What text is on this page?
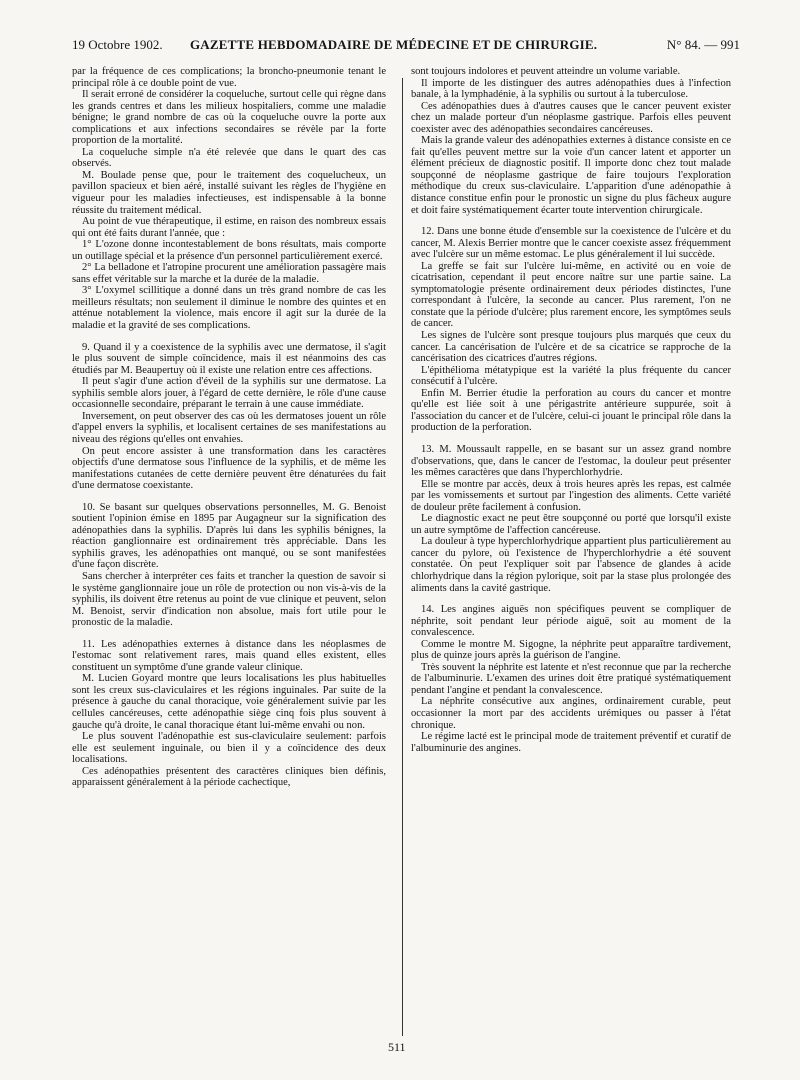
19 Octobre 1902. GAZETTE HEBDOMADAIRE DE MÉDECINE ET DE CHIRURGIE.	N° 84. — 991

par la fréquence de ces complications; la broncho-pneumonie tenant le principal rôle à ce double point de vue.

Il serait erroné de considérer la coqueluche, surtout celle qui règne dans les grands centres et dans les milieux hospitaliers, comme une maladie bénigne; le grand nombre de cas où la coqueluche ouvre la porte aux complications et aux infections secondaires se révèle par la forte proportion de la mortalité.

La coqueluche simple n'a été relevée que dans le quart des cas observés.

M. Boulade pense que, pour le traitement des coquelucheux, un pavillon spacieux et bien aéré, installé suivant les règles de l'hygiène en vigueur pour les maladies infectieuses, est indispensable à la bonne réussite du traitement médical.

Au point de vue thérapeutique, il estime, en raison des nombreux essais qui ont été faits durant l'année, que :

1° L'ozone donne incontestablement de bons résultats, mais comporte un outillage spécial et la présence d'un personnel particulièrement exercé.

2° La belladone et l'atropine procurent une amélioration passagère mais sans effet véritable sur la marche et la durée de la maladie.

3° L'oxymel scillitique a donné dans un très grand nombre de cas les meilleurs résultats; non seulement il diminue le nombre des quintes et en atténue notablement la violence, mais encore il agit sur la durée de la maladie et la gravité de ses complications.

9. Quand il y a coexistence de la syphilis avec une dermatose, il s'agit le plus souvent de simple coïncidence, mais il est néanmoins des cas étudiés par M. Beaupertuy où il existe une relation entre ces affections.

Il peut s'agir d'une action d'éveil de la syphilis sur une dermatose. La syphilis semble alors jouer, à l'égard de cette dernière, le rôle d'une cause occasionnelle secondaire, préparant le terrain à une cause immédiate.

Inversement, on peut observer des cas où les dermatoses jouent un rôle d'appel envers la syphilis, et localisent certaines de ses manifestations au niveau des régions qu'elles ont envahies.

On peut encore assister à une transformation dans les caractères objectifs d'une dermatose sous l'influence de la syphilis, et de même les manifestations cutanées de cette dernière peuvent être dénaturées du fait d'une dermatose coexistante.

10. Se basant sur quelques observations personnelles, M. G. Benoist soutient l'opinion émise en 1895 par Augagneur sur la signification des adénopathies dans la syphilis. D'après lui dans les syphilis bénignes, la réaction ganglionnaire est ordinairement très appréciable. Dans les syphilis graves, les adénopathies ont manqué, ou se sont manifestées d'une façon discrète.

Sans chercher à interpréter ces faits et trancher la question de savoir si le système ganglionnaire joue un rôle de protection ou non vis-à-vis de la syphilis, ils doivent être retenus au point de vue clinique et peuvent, selon M. Benoist, servir d'indication non absolue, mais fort utile pour le pronostic de la maladie.

11. Les adénopathies externes à distance dans les néoplasmes de l'estomac sont relativement rares, mais quand elles existent, elles constituent un symptôme d'une grande valeur clinique.

M. Lucien Goyard montre que leurs localisations les plus habituelles sont les creux sus-claviculaires et les régions inguinales. Par suite de la présence à gauche du canal thoracique, voie généralement suivie par les cellules cancéreuses, cette adénopathie siège cinq fois plus souvent à gauche qu'à droite, le canal thoracique étant lui-même envahi ou non.

Le plus souvent l'adénopathie est sus-claviculaire seulement: parfois elle est seulement inguinale, ou bien il y a coïncidence des deux localisations.

Ces adénopathies présentent des caractères cliniques bien définis, apparaissent généralement à la période cachectique,

sont toujours indolores et peuvent atteindre un volume variable.

Il importe de les distinguer des autres adénopathies dues à l'infection banale, à la lymphadénie, à la syphilis ou surtout à la tuberculose.

Ces adénopathies dues à d'autres causes que le cancer peuvent exister chez un malade porteur d'un néoplasme gastrique. Parfois elles peuvent coexister avec des adénopathies secondaires cancéreuses.

Mais la grande valeur des adénopathies externes à distance consiste en ce fait qu'elles peuvent mettre sur la voie d'un cancer latent et apporter un élément précieux de diagnostic positif. Il importe donc chez tout malade soupçonné de néoplasme gastrique de faire toujours l'exploration méthodique du creux sus-claviculaire. L'apparition d'une adénopathie à distance constitue enfin pour le pronostic un signe du plus fâcheux augure et doit faire systématiquement écarter toute intervention chirurgicale.

12. Dans une bonne étude d'ensemble sur la coexistence de l'ulcère et du cancer, M. Alexis Berrier montre que le cancer coexiste assez fréquemment avec l'ulcère sur un même estomac. Le plus généralement il lui succède.

La greffe se fait sur l'ulcère lui-même, en activité ou en voie de cicatrisation, cependant il peut encore naître sur une partie saine. La symptomatologie présente ordinairement deux périodes distinctes, l'une correspondant à l'ulcère, la seconde au cancer. Plus rarement, l'on ne constate que la période d'ulcère; plus rarement encore, les symptômes seuls de cancer.

Les signes de l'ulcère sont presque toujours plus marqués que ceux du cancer. La cancérisation de l'ulcère et de sa cicatrice se rapproche de la cancérisation des cicatrices d'autres régions.

L'épithélioma métatypique est la variété la plus fréquente du cancer consécutif à l'ulcère.

Enfin M. Berrier étudie la perforation au cours du cancer et montre qu'elle est liée soit à une périgastrite antérieure suppurée, soit à l'association du cancer et de l'ulcère, celui-ci jouant le principal rôle dans la production de la perforation.

13. M. Moussault rappelle, en se basant sur un assez grand nombre d'observations, que, dans le cancer de l'estomac, la douleur peut présenter les mêmes caractères que dans l'hyperchlorhydrie.

Elle se montre par accès, deux à trois heures après les repas, est calmée par les vomissements et surtout par l'ingestion des aliments. Cette variété de douleur prête facilement à confusion.

Le diagnostic exact ne peut être soupçonné ou porté que lorsqu'il existe un autre symptôme de l'affection cancéreuse.

La douleur à type hyperchlorhydrique appartient plus particulièrement au cancer du pylore, où l'existence de l'hyperchlorhydrie a été souvent constatée. On peut l'expliquer soit par l'absence de glandes à acide chlorhydrique dans la région pylorique, soit par la stase plus prolongée des aliments dans la cavité gastrique.

14. Les angines aiguës non spécifiques peuvent se compliquer de néphrite, soit pendant leur période aiguë, soit au moment de la convalescence.

Comme le montre M. Sigogne, la néphrite peut apparaître tardivement, plus de quinze jours après la guérison de l'angine.

Très souvent la néphrite est latente et n'est reconnue que par la recherche de l'albuminurie. L'examen des urines doit être pratiqué systématiquement pendant l'angine et pendant la convalescence.

La néphrite consécutive aux angines, ordinairement curable, peut occasionner la mort par des accidents urémiques ou passer à l'état chronique.

Le régime lacté est le principal mode de traitement préventif et curatif de l'albuminurie des angines.

511
